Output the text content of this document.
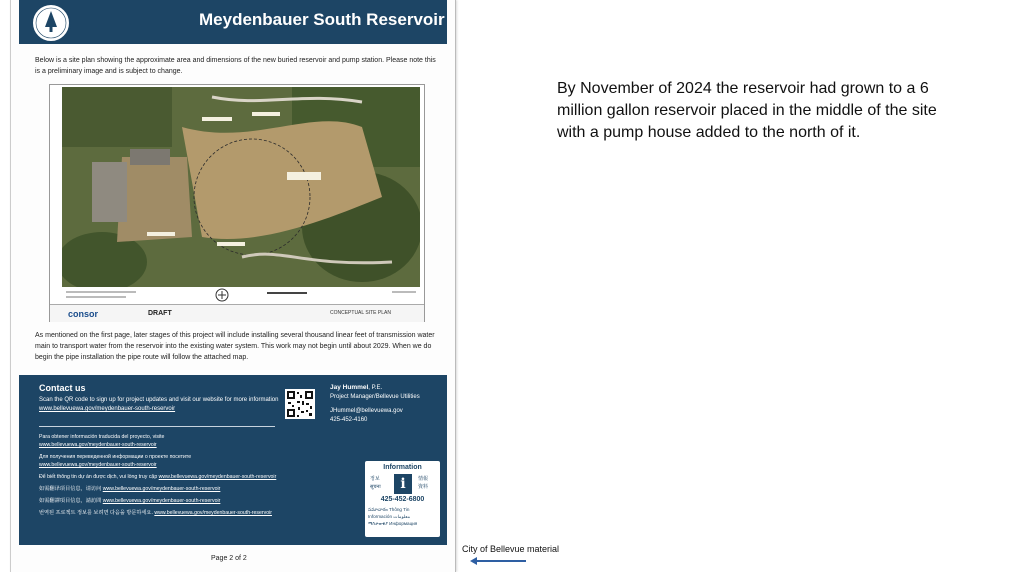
Meydenbauer South Reservoir
Below is a site plan showing the approximate area and dimensions of the new buried reservoir and pump station. Please note this is a preliminary image and is subject to change.
consor	DRAFT	CONCEPTUAL SITE PLAN
As mentioned on the first page, later stages of this project will include installing several thousand linear feet of transmission water main to transport water from the reservoir into the existing water system. This work may not begin until about 2029. When we do begin the pipe installation the pipe route will follow the attached map.
Contact us
Scan the QR code to sign up for project updates and visit our website for more information www.bellevuewa.gov/meydenbauer-south-reservoir
Jay Hummel, P.E.
Project Manager/Bellevue Utilities

JHummel@bellevuewa.gov
425-452-4160
Para obtener información traducida del proyecto, visite
www.bellevuewa.gov/meydenbauer-south-reservoir
Для получения переведенной информации о проекте посетите
www.bellevuewa.gov/meydenbauer-south-reservoir
Để biết thông tin dự án được dịch, vui lòng truy cập www.bellevuewa.gov/meydenbauer-south-reservoir
如需翻译项目信息，请访问 www.bellevuewa.gov/meydenbauer-south-reservoir
如需翻譯項目信息，請訪問 www.bellevuewa.gov/meydenbauer-south-reservoir
번역된 프로젝트 정보를 보려면 다음을 방문하세요. www.bellevuewa.gov/meydenbauer-south-reservoir
Information
정보
सूचना	i	情報
資料
425-452-6800
సమాచారం Thông Tin
Información معلومات
ማስታወቂያ Информация
Page 2 of 2
By November of 2024 the reservoir had grown to a 6 million gallon reservoir placed in the middle of the site with a pump house added to the north of it.
City of Bellevue material
